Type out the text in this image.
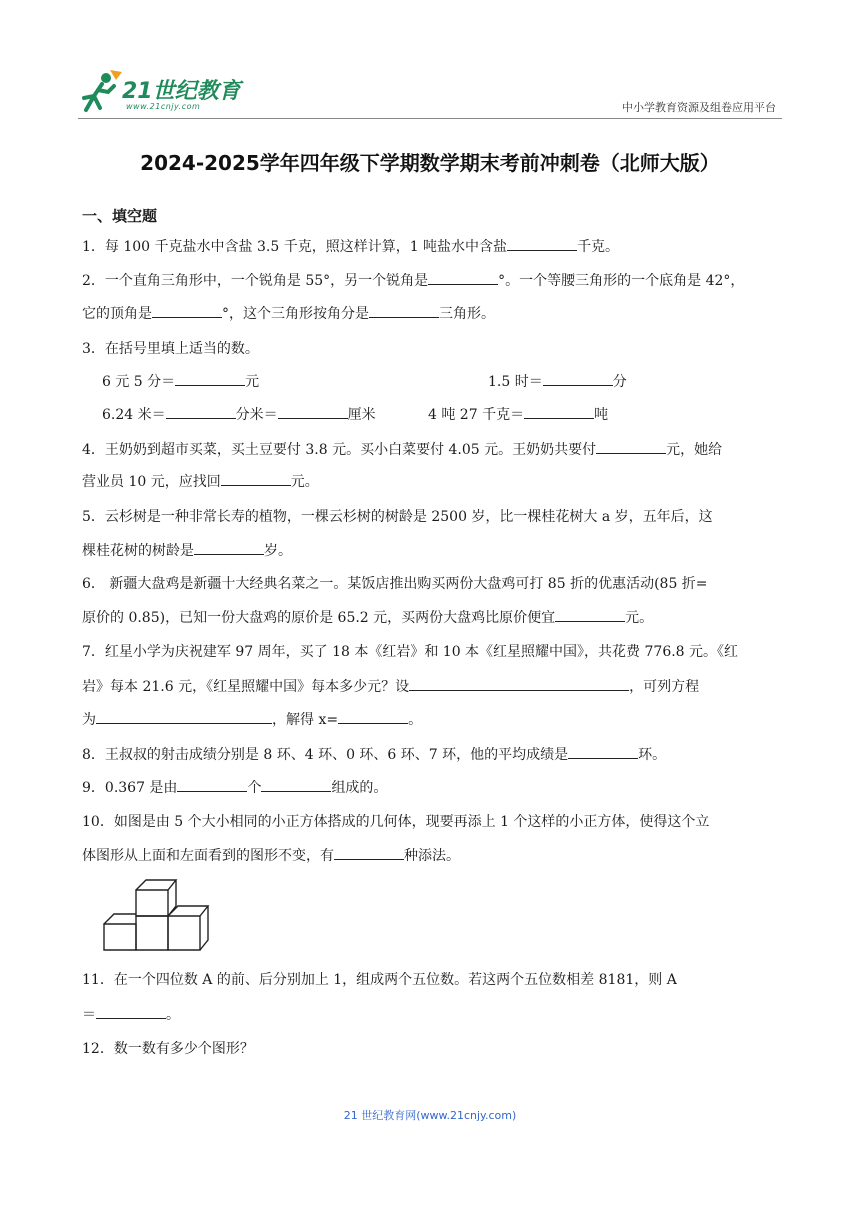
21世纪教育
www.21cnjy.com	中小学教育资源及组卷应用平台
2024-2025学年四年级下学期数学期末考前冲刺卷（北师大版）
一、填空题
1．每 100 千克盐水中含盐 3.5 千克，照这样计算，1 吨盐水中含盐	千克。
2．一个直角三角形中，一个锐角是 55°，另一个锐角是	°。一个等腰三角形的一个底角是 42°，
它的顶角是	°，这个三角形按角分是	三角形。
3．在括号里填上适当的数。
6 元 5 分＝	元	1.5 时＝	分
6.24 米＝	分米＝	厘米	4 吨 27 千克＝	吨
4．王奶奶到超市买菜，买土豆要付 3.8 元。买小白菜要付 4.05 元。王奶奶共要付	元，她给
营业员 10 元，应找回	元。
5．云杉树是一种非常长寿的植物，一棵云杉树的树龄是 2500 岁，比一棵桂花树大 a 岁，五年后，这
棵桂花树的树龄是	岁。
6． 新疆大盘鸡是新疆十大经典名菜之一。某饭店推出购买两份大盘鸡可打 85 折的优惠活动(85 折=
原价的 0.85)，已知一份大盘鸡的原价是 65.2 元，买两份大盘鸡比原价便宜	元。
7．红星小学为庆祝建军 97 周年，买了 18 本《红岩》和 10 本《红星照耀中国》，共花费 776.8 元。《红
岩》每本 21.6 元，《红星照耀中国》每本多少元？设	，可列方程
为	，解得 x=	。
8．王叔叔的射击成绩分别是 8 环、4 环、0 环、6 环、7 环，他的平均成绩是	环。
9．0.367 是由	个	组成的。
10．如图是由 5 个大小相同的小正方体搭成的几何体，现要再添上 1 个这样的小正方体，使得这个立
体图形从上面和左面看到的图形不变，有	种添法。
11．在一个四位数 A 的前、后分别加上 1，组成两个五位数。若这两个五位数相差 8181，则 A
＝	。
12．数一数有多少个图形？
21 世纪教育网(www.21cnjy.com)
